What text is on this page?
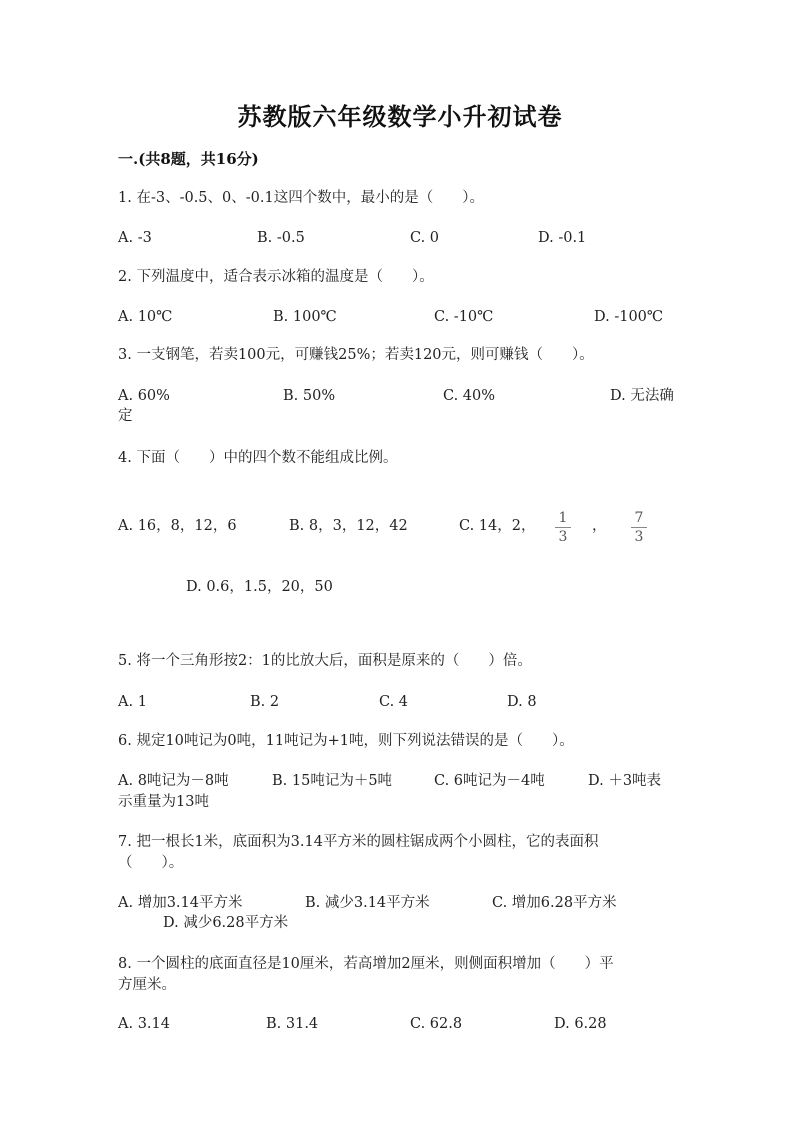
苏教版六年级数学小升初试卷
一.(共8题，共16分)
1. 在-3、-0.5、0、-0.1这四个数中，最小的是（　　）。
A. -3	B. -0.5	C. 0	D. -0.1
2. 下列温度中，适合表示冰箱的温度是（　　）。
A. 10℃	B. 100℃	C. -10℃	D. -100℃
3. 一支钢笔，若卖100元，可赚钱25%；若卖120元，则可赚钱（　　）。
A. 60%	B. 50%	C. 40%	D. 无法确
定
4. 下面（　　）中的四个数不能组成比例。
A. 16，8，12，6	B. 8，3，12，42	C. 14，2，	1
3
，	7
3
D. 0.6，1.5，20，50
5. 将一个三角形按2：1的比放大后，面积是原来的（　　）倍。
A. 1	B. 2	C. 4	D. 8
6. 规定10吨记为0吨，11吨记为+1吨，则下列说法错误的是（　　）。
A. 8吨记为－8吨	B. 15吨记为＋5吨	C. 6吨记为－4吨	D. ＋3吨表
示重量为13吨
7. 把一根长1米，底面积为3.14平方米的圆柱锯成两个小圆柱，它的表面积
（　　）。
A. 增加3.14平方米	B. 减少3.14平方米	C. 增加6.28平方米
D. 减少6.28平方米
8. 一个圆柱的底面直径是10厘米，若高增加2厘米，则侧面积增加（　　）平
方厘米。
A. 3.14	B. 31.4	C. 62.8	D. 6.28
